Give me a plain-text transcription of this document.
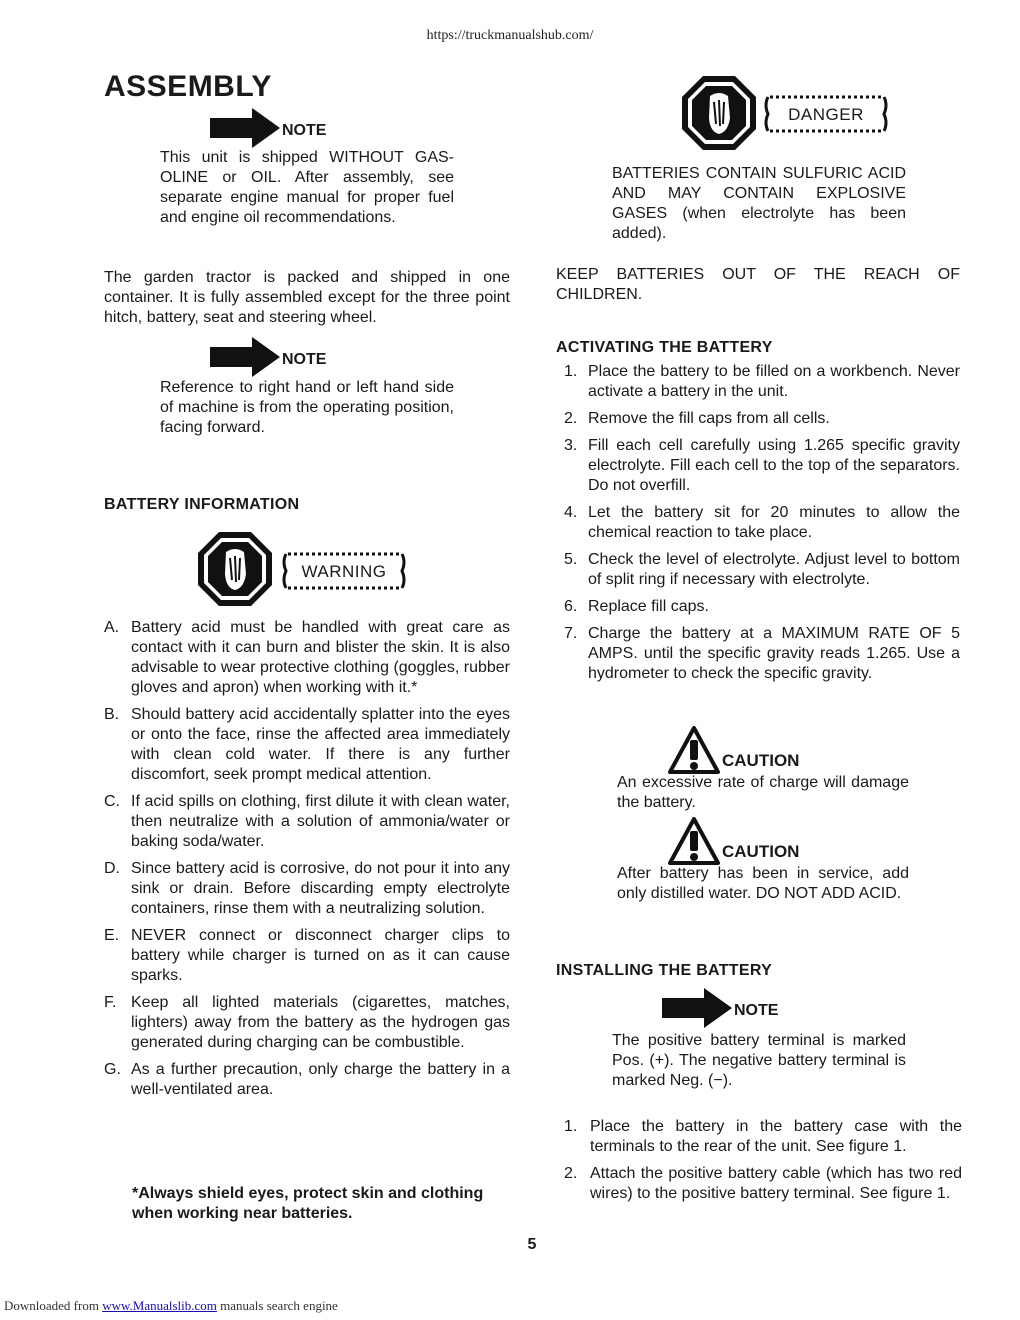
https://truckmanualshub.com/
ASSEMBLY
NOTE

This unit is shipped WITHOUT GASOLINE or OIL. After assembly, see separate engine manual for proper fuel and engine oil recommendations.

The garden tractor is packed and shipped in one container. It is fully assembled except for the three point hitch, battery, seat and steering wheel.

NOTE

Reference to right hand or left hand side of machine is from the operating position, facing forward.

BATTERY INFORMATION
WARNING
A. Battery acid must be handled with great care as contact with it can burn and blister the skin. It is also advisable to wear protective clothing (goggles, rubber gloves and apron) when working with it.*
B. Should battery acid accidentally splatter into the eyes or onto the face, rinse the affected area immediately with clean cold water. If there is any further discomfort, seek prompt medical attention.
C. If acid spills on clothing, first dilute it with clean water, then neutralize with a solution of ammonia/water or baking soda/water.
D. Since battery acid is corrosive, do not pour it into any sink or drain. Before discarding empty electrolyte containers, rinse them with a neutralizing solution.
E. NEVER connect or disconnect charger clips to battery while charger is turned on as it can cause sparks.
F. Keep all lighted materials (cigarettes, matches, lighters) away from the battery as the hydrogen gas generated during charging can be combustible.
G. As a further precaution, only charge the battery in a well-ventilated area.

*Always shield eyes, protect skin and clothing when working near batteries.

DANGER

BATTERIES CONTAIN SULFURIC ACID AND MAY CONTAIN EXPLOSIVE GASES (when electrolyte has been added).

KEEP BATTERIES OUT OF THE REACH OF CHILDREN.

ACTIVATING THE BATTERY
1. Place the battery to be filled on a workbench. Never activate a battery in the unit.
2. Remove the fill caps from all cells.
3. Fill each cell carefully using 1.265 specific gravity electrolyte. Fill each cell to the top of the separators. Do not overfill.
4. Let the battery sit for 20 minutes to allow the chemical reaction to take place.
5. Check the level of electrolyte. Adjust level to bottom of split ring if necessary with electrolyte.
6. Replace fill caps.
7. Charge the battery at a MAXIMUM RATE OF 5 AMPS. until the specific gravity reads 1.265. Use a hydrometer to check the specific gravity.
CAUTION

An excessive rate of charge will damage the battery.

CAUTION

After battery has been in service, add only distilled water. DO NOT ADD ACID.

INSTALLING THE BATTERY
NOTE

The positive battery terminal is marked Pos. (+). The negative battery terminal is marked Neg. (−).

1. Place the battery in the battery case with the terminals to the rear of the unit. See figure 1.
2. Attach the positive battery cable (which has two red wires) to the positive battery terminal. See figure 1.
5
Downloaded from www.Manualslib.com manuals search engine
